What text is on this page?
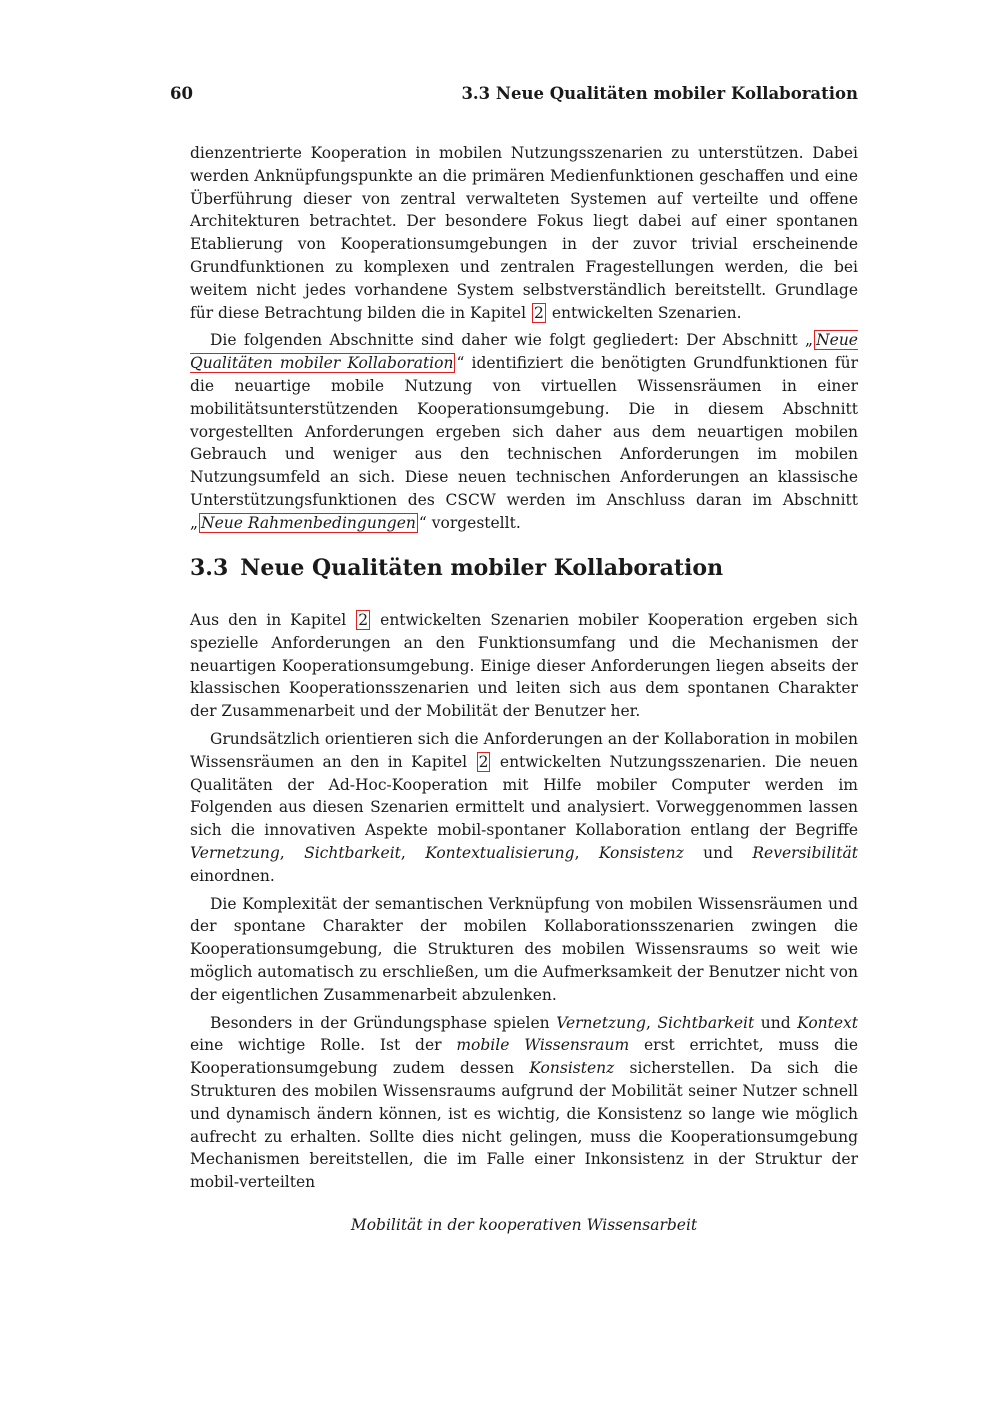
60	3.3 Neue Qualitäten mobiler Kollaboration

dienzentrierte Kooperation in mobilen Nutzungsszenarien zu unterstützen. Dabei werden Anknüpfungspunkte an die primären Medienfunktionen geschaffen und eine Überführung dieser von zentral verwalteten Systemen auf verteilte und offene Architekturen betrachtet. Der besondere Fokus liegt dabei auf einer spontanen Etablierung von Kooperationsumgebungen in der zuvor trivial erscheinende Grundfunktionen zu komplexen und zentralen Fragestellungen werden, die bei weitem nicht jedes vorhandene System selbstverständlich bereitstellt. Grundlage für diese Betrachtung bilden die in Kapitel 2 entwickelten Szenarien.

Die folgenden Abschnitte sind daher wie folgt gegliedert: Der Abschnitt „ Neue Qualitäten mobiler Kollaboration “ identifiziert die benötigten Grundfunktionen für die neuartige mobile Nutzung von virtuellen Wissensräumen in einer mobilitätsunterstützenden Kooperationsumgebung. Die in diesem Abschnitt vorgestellten Anforderungen ergeben sich daher aus dem neuartigen mobilen Gebrauch und weniger aus den technischen Anforderungen im mobilen Nutzungsumfeld an sich. Diese neuen technischen Anforderungen an klassische Unterstützungsfunktionen des CSCW werden im Anschluss daran im Abschnitt „ Neue Rahmenbedingungen “ vorgestellt.

3.3 Neue Qualitäten mobiler Kollaboration

Aus den in Kapitel 2 entwickelten Szenarien mobiler Kooperation ergeben sich spezielle Anforderungen an den Funktionsumfang und die Mechanismen der neuartigen Kooperationsumgebung. Einige dieser Anforderungen liegen abseits der klassischen Kooperationsszenarien und leiten sich aus dem spontanen Charakter der Zusammenarbeit und der Mobilität der Benutzer her.

Grundsätzlich orientieren sich die Anforderungen an der Kollaboration in mobilen Wissensräumen an den in Kapitel 2 entwickelten Nutzungsszenarien. Die neuen Qualitäten der Ad-Hoc-Kooperation mit Hilfe mobiler Computer werden im Folgenden aus diesen Szenarien ermittelt und analysiert. Vorweggenommen lassen sich die innovativen Aspekte mobil-spontaner Kollaboration entlang der Begriffe Vernetzung, Sichtbarkeit, Kontextualisierung, Konsistenz und Reversibilität einordnen.

Die Komplexität der semantischen Verknüpfung von mobilen Wissensräumen und der spontane Charakter der mobilen Kollaborationsszenarien zwingen die Kooperationsumgebung, die Strukturen des mobilen Wissensraums so weit wie möglich automatisch zu erschließen, um die Aufmerksamkeit der Benutzer nicht von der eigentlichen Zusammenarbeit abzulenken.

Besonders in der Gründungsphase spielen Vernetzung, Sichtbarkeit und Kontext eine wichtige Rolle. Ist der mobile Wissensraum erst errichtet, muss die Kooperationsumgebung zudem dessen Konsistenz sicherstellen. Da sich die Strukturen des mobilen Wissensraums aufgrund der Mobilität seiner Nutzer schnell und dynamisch ändern können, ist es wichtig, die Konsistenz so lange wie möglich aufrecht zu erhalten. Sollte dies nicht gelingen, muss die Kooperationsumgebung Mechanismen bereitstellen, die im Falle einer Inkonsistenz in der Struktur der mobil-verteilten

Mobilität in der kooperativen Wissensarbeit
